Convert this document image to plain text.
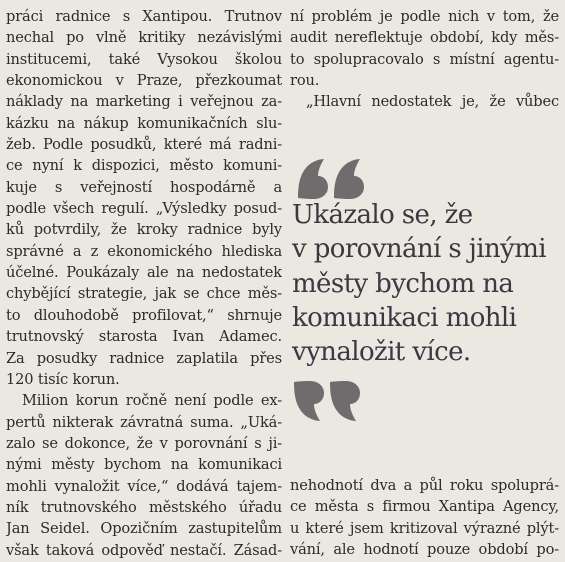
práci radnice s Xantipou. Trutnov
nechal po vlně kritiky nezávislými
institucemi, také Vysokou školou
ekonomickou v Praze, přezkoumat
náklady na marketing i veřejnou za-
kázku na nákup komunikačních slu-
žeb. Podle posudků, které má radni-
ce nyní k dispozici, město komuni-
kuje s veřejností hospodárně a
podle všech regulí. „Výsledky posud-
ků potvrdily, že kroky radnice byly
správné a z ekonomického hlediska
účelné. Poukázaly ale na nedostatek
chybějící strategie, jak se chce měs-
to dlouhodobě profilovat,“ shrnuje
trutnovský starosta Ivan Adamec.
Za posudky radnice zaplatila přes
120 tisíc korun.
Milion korun ročně není podle ex-
pertů nikterak závratná suma. „Uká-
zalo se dokonce, že v porovnání s ji-
nými městy bychom na komunikaci
mohli vynaložit více,“ dodává tajem-
ník trutnovského městského úřadu
Jan Seidel. Opozičním zastupitelům
však taková odpověď nestačí. Zásad-
ní problém je podle nich v tom, že
audit nereflektuje období, kdy měs-
to spolupracovalo s místní agentu-
rou.
„Hlavní nedostatek je, že vůbec
Ukázalo se, že
v porovnání s jinými
městy bychom na
komunikaci mohli
vynaložit více.
nehodnotí dva a půl roku spoluprá-
ce města s firmou Xantipa Agency,
u které jsem kritizoval výrazné plýt-
vání, ale hodnotí pouze období po-
